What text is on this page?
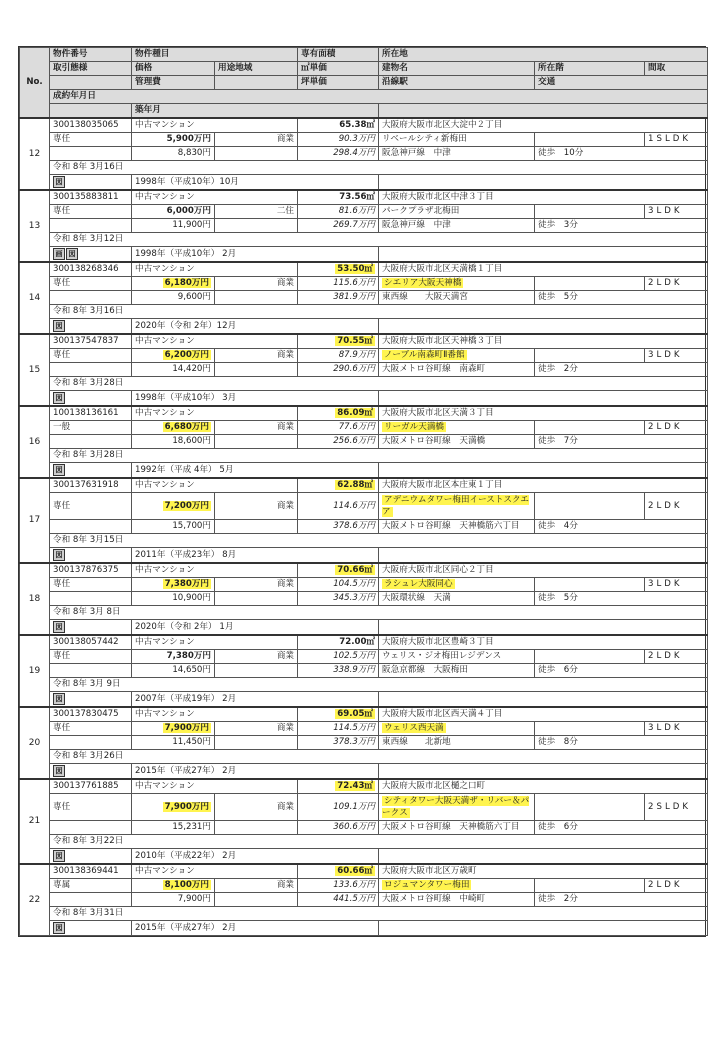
No.	物件番号	物件種目		専有面積	所在地		
	取引態様	価格	用途地域	㎡単価	建物名	所在階	間取
		管理費		坪単価	沿線駅	交通	
	成約年月日						
		築年月					
12	300138035065	中古マンション		65.38㎡	大阪府大阪市北区大淀中２丁目		
	専任	5,900万円	商業	90.3万円	リベールシティ新梅田		1SLDK
		8,830円		298.4万円	阪急神戸線　中津	徒歩　10分	
	令和 8年 3月16日						
	図	1998年（平成10年）10月					
13	300135883811	中古マンション		73.56㎡	大阪府大阪市北区中津３丁目		
	専任	6,000万円	二住	81.6万円	パークプラザ北梅田		3LDK
		11,900円		269.7万円	阪急神戸線　中津	徒歩　3分	
	令和 8年 3月12日						
	画 図	1998年（平成10年） 2月					
14	300138268346	中古マンション		53.50㎡	大阪府大阪市北区天満橋１丁目		
	専任	6,180万円	商業	115.6万円	シエリア大阪天神橋		2LDK
		9,600円		381.9万円	東西線　　大阪天満宮	徒歩　5分	
	令和 8年 3月16日						
	図	2020年（令和 2年）12月					
15	300137547837	中古マンション		70.55㎡	大阪府大阪市北区天神橋３丁目		
	専任	6,200万円	商業	87.9万円	ノーブル南森町Ⅱ番館		3LDK
		14,420円		290.6万円	大阪メトロ谷町線　南森町	徒歩　2分	
	令和 8年 3月28日						
	図	1998年（平成10年） 3月					
16	100138136161	中古マンション		86.09㎡	大阪府大阪市北区天満３丁目		
	一般	6,680万円	商業	77.6万円	リーガル天満橋		2LDK
		18,600円		256.6万円	大阪メトロ谷町線　天満橋	徒歩　7分	
	令和 8年 3月28日						
	図	1992年（平成 4年） 5月					
17	300137631918	中古マンション		62.88㎡	大阪府大阪市北区本庄東１丁目		
	専任	7,200万円	商業	114.6万円	アデニウムタワー梅田イーストスクエア		2LDK
		15,700円		378.6万円	大阪メトロ谷町線　天神橋筋六丁目	徒歩　4分	
	令和 8年 3月15日						
	図	2011年（平成23年） 8月					
18	300137876375	中古マンション		70.66㎡	大阪府大阪市北区同心２丁目		
	専任	7,380万円	商業	104.5万円	ラシュレ大阪同心		3LDK
		10,900円		345.3万円	大阪環状線　天満	徒歩　5分	
	令和 8年 3月 8日						
	図	2020年（令和 2年） 1月					
19	300138057442	中古マンション		72.00㎡	大阪府大阪市北区豊崎３丁目		
	専任	7,380万円	商業	102.5万円	ウェリス・ジオ梅田レジデンス		2LDK
		14,650円		338.9万円	阪急京都線　大阪梅田	徒歩　6分	
	令和 8年 3月 9日						
	図	2007年（平成19年） 2月					
20	300137830475	中古マンション		69.05㎡	大阪府大阪市北区西天満４丁目		
	専任	7,900万円	商業	114.5万円	ウェリス西天満		3LDK
		11,450円		378.3万円	東西線　　北新地	徒歩　8分	
	令和 8年 3月26日						
	図	2015年（平成27年） 2月					
21	300137761885	中古マンション		72.43㎡	大阪府大阪市北区樋之口町		
	専任	7,900万円	商業	109.1万円	シティタワー大阪天満ザ・リバー＆パークス		2SLDK
		15,231円		360.6万円	大阪メトロ谷町線　天神橋筋六丁目	徒歩　6分	
	令和 8年 3月22日						
	図	2010年（平成22年） 2月					
22	300138369441	中古マンション		60.66㎡	大阪府大阪市北区万歳町		
	専属	8,100万円	商業	133.6万円	ロジュマンタワー梅田		2LDK
		7,900円		441.5万円	大阪メトロ谷町線　中崎町	徒歩　2分	
	令和 8年 3月31日						
	図	2015年（平成27年） 2月					
